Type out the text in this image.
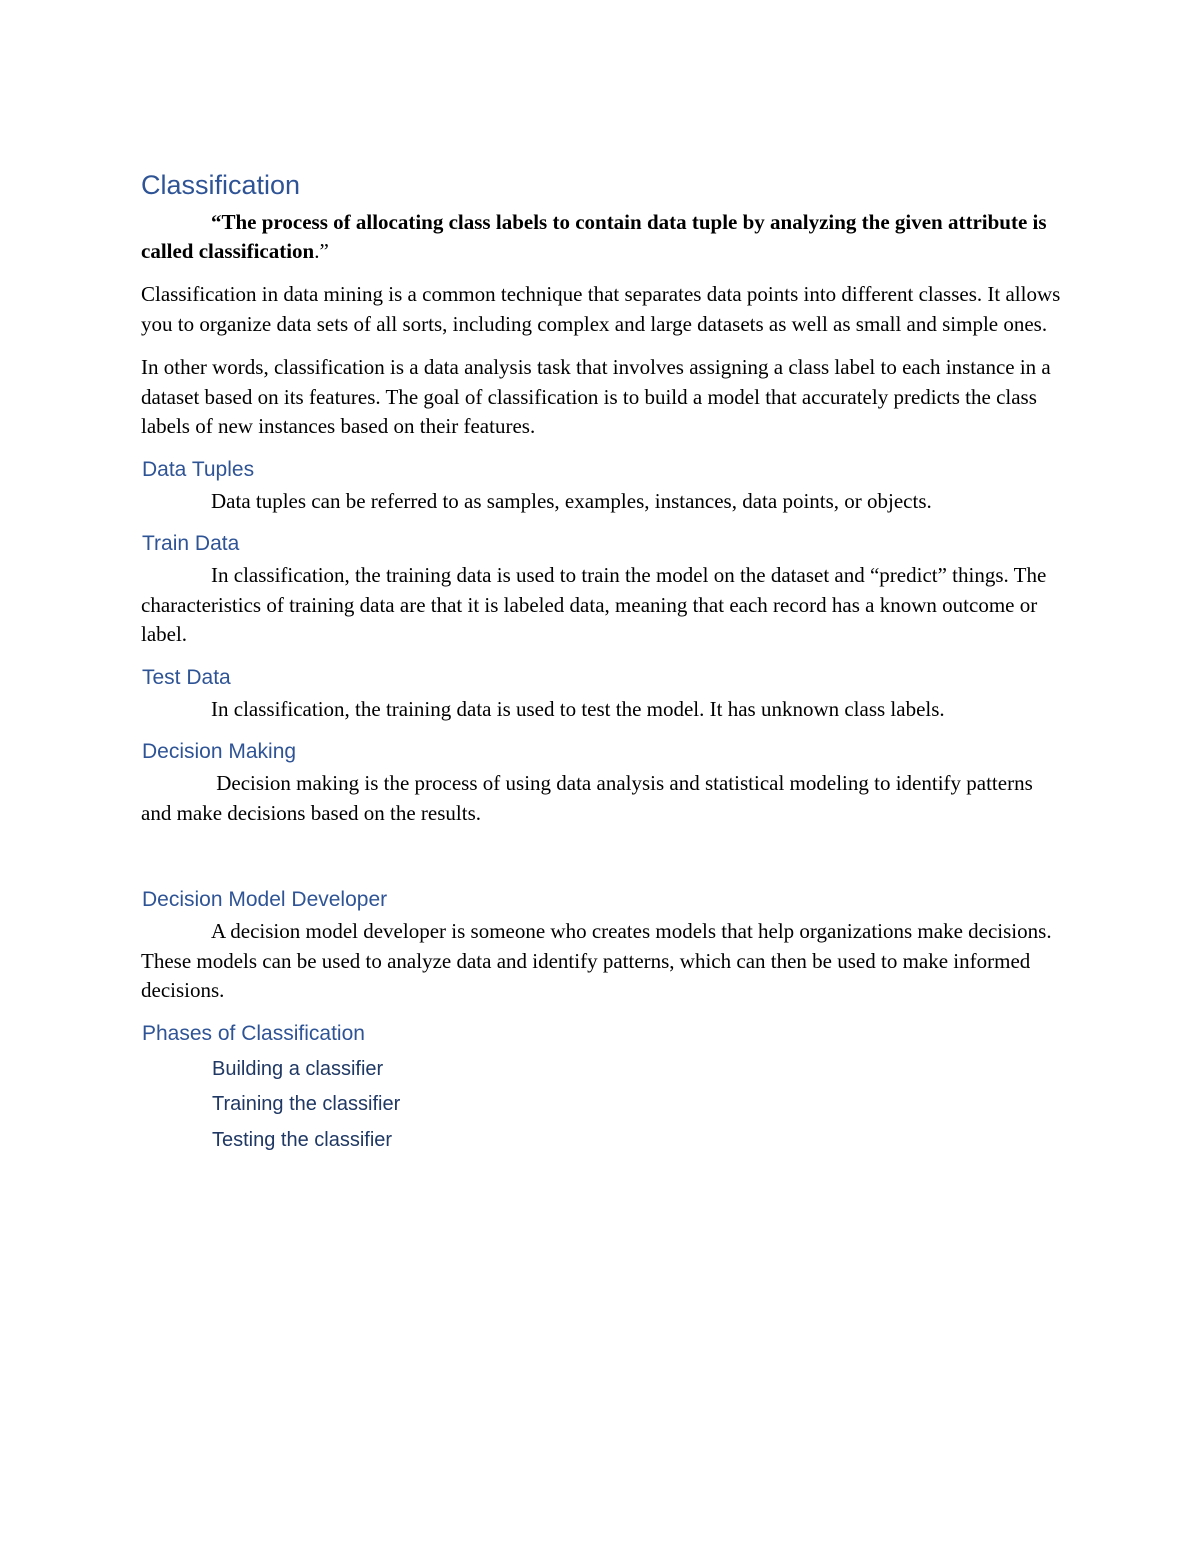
Classification

“The process of allocating class labels to contain data tuple by analyzing the given attribute is called classification.”

Classification in data mining is a common technique that separates data points into different classes. It allows you to organize data sets of all sorts, including complex and large datasets as well as small and simple ones.

In other words, classification is a data analysis task that involves assigning a class label to each instance in a dataset based on its features. The goal of classification is to build a model that accurately predicts the class labels of new instances based on their features.

Data Tuples

Data tuples can be referred to as samples, examples, instances, data points, or objects.

Train Data

In classification, the training data is used to train the model on the dataset and “predict” things. The characteristics of training data are that it is labeled data, meaning that each record has a known outcome or label.

Test Data

In classification, the training data is used to test the model. It has unknown class labels.

Decision Making

Decision making is the process of using data analysis and statistical modeling to identify patterns and make decisions based on the results.

Decision Model Developer

A decision model developer is someone who creates models that help organizations make decisions. These models can be used to analyze data and identify patterns, which can then be used to make informed decisions.

Phases of Classification
Building a classifier
Training the classifier
Testing the classifier
